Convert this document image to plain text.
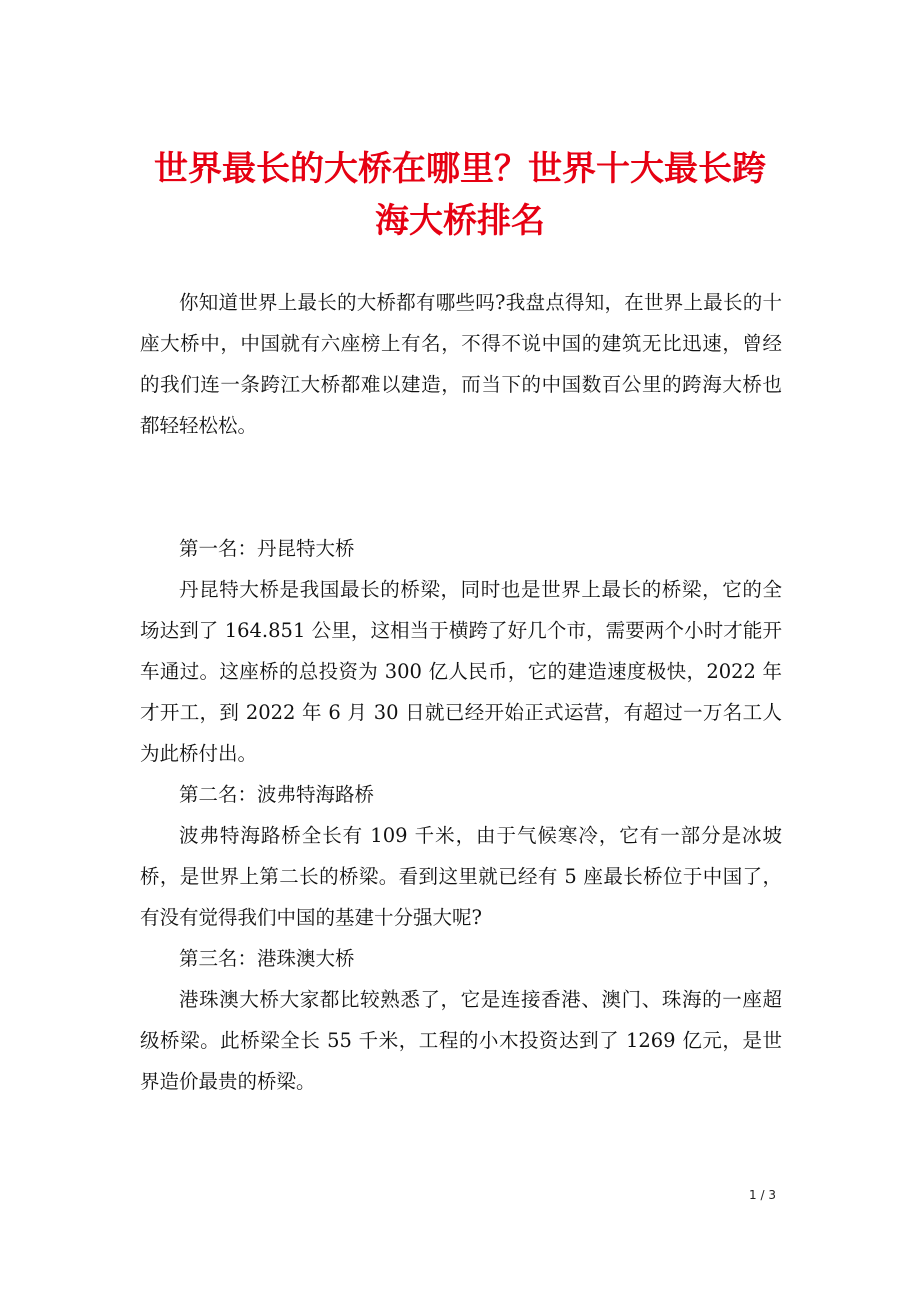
世界最长的大桥在哪里？世界十大最长跨
海大桥排名

你知道世界上最长的大桥都有哪些吗?我盘点得知，在世界上最长的十座大桥中，中国就有六座榜上有名，不得不说中国的建筑无比迅速，曾经的我们连一条跨江大桥都难以建造，而当下的中国数百公里的跨海大桥也都轻轻松松。

第一名：丹昆特大桥

丹昆特大桥是我国最长的桥梁，同时也是世界上最长的桥梁，它的全场达到了 164.851 公里，这相当于横跨了好几个市，需要两个小时才能开车通过。这座桥的总投资为 300 亿人民币，它的建造速度极快，2022 年才开工，到 2022 年 6 月 30 日就已经开始正式运营，有超过一万名工人为此桥付出。

第二名：波弗特海路桥

波弗特海路桥全长有 109 千米，由于气候寒冷，它有一部分是冰坡桥，是世界上第二长的桥梁。看到这里就已经有 5 座最长桥位于中国了，有没有觉得我们中国的基建十分强大呢?

第三名：港珠澳大桥

港珠澳大桥大家都比较熟悉了，它是连接香港、澳门、珠海的一座超级桥梁。此桥梁全长 55 千米，工程的小木投资达到了 1269 亿元，是世界造价最贵的桥梁。

1 / 3
